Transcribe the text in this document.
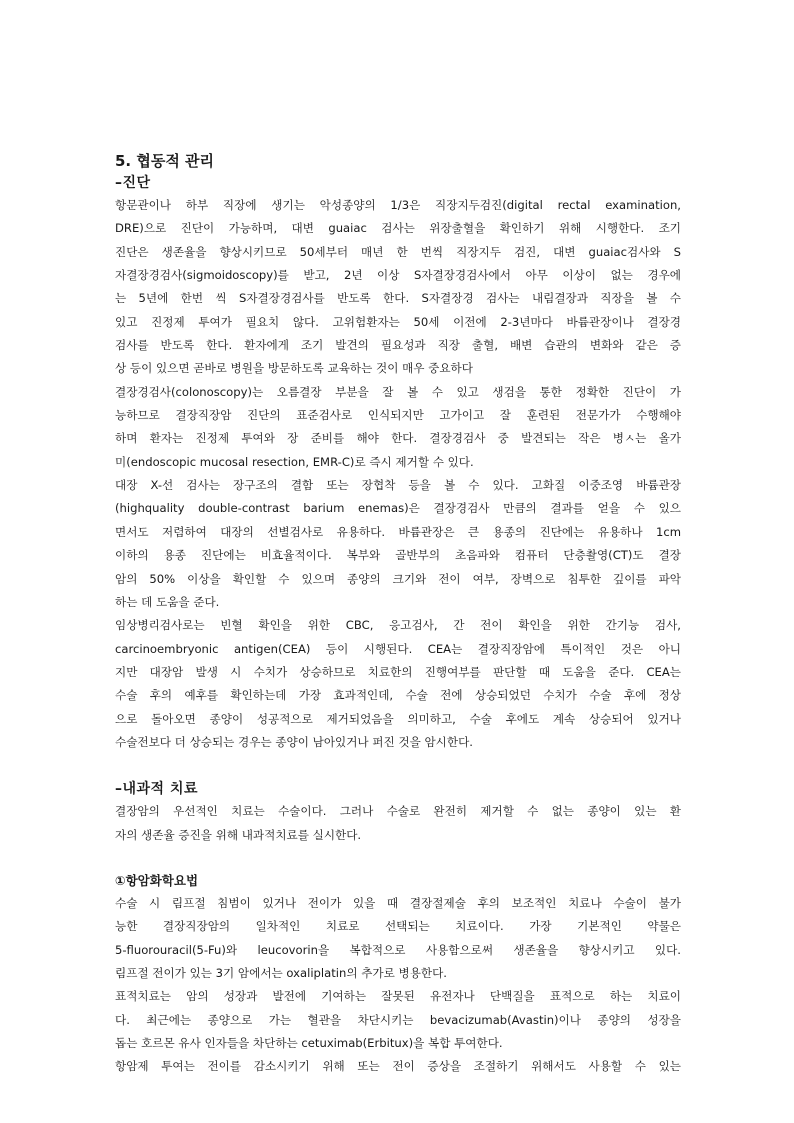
5. 협동적 관리
–진단
항문관이나 하부 직장에 생기는 악성종양의 1/3은 직장지두검진(digital rectal examination,
DRE)으로 진단이 가능하며, 대변 guaiac 검사는 위장출혈을 확인하기 위해 시행한다. 조기
진단은 생존율을 향상시키므로 50세부터 매년 한 번씩 직장지두 검진, 대변 guaiac검사와 S
자결장경검사(sigmoidoscopy)를 받고, 2년 이상 S자결장경검사에서 아무 이상이 없는 경우에
는 5년에 한번 씩 S자결장경검사를 반도록 한다. S자결장경 검사는 내림결장과 직장을 볼 수
있고 진정제 투여가 필요치 않다. 고위험환자는 50세 이전에 2-3년마다 바륨관장이나 결장경
검사를 반도록 한다. 환자에게 조기 발견의 필요성과 직장 출혈, 배변 습관의 변화와 같은 증
상 등이 있으면 곧바로 병원을 방문하도록 교육하는 것이 매우 중요하다
결장경검사(colonoscopy)는 오름결장 부분을 잘 볼 수 있고 생검을 통한 정확한 진단이 가
능하므로 결장직장암 진단의 표준검사로 인식되지만 고가이고 잘 훈련된 전문가가 수행해야
하며 환자는 진정제 투여와 장 준비를 해야 한다. 결장경검사 중 발견되는 작은 병ㅅ는 올가
미(endoscopic mucosal resection, EMR-C)로 즉시 제거할 수 있다.
대장 X-선 검사는 장구조의 결함 또는 장협착 등을 볼 수 있다. 고화질 이중조영 바륨관장
(highquality double-contrast barium enemas)은 결장경검사 만큼의 결과를 얻을 수 있으
면서도 저렴하여 대장의 선별검사로 유용하다. 바륨관장은 큰 용종의 진단에는 유용하나 1cm
이하의 용종 진단에는 비효율적이다. 복부와 골반부의 초음파와 컴퓨터 단층촬영(CT)도 결장
암의 50% 이상을 확인할 수 있으며 종양의 크기와 전이 여부, 장벽으로 침투한 깊이를 파악
하는 데 도움을 준다.
임상병리검사로는 빈혈 확인을 위한 CBC, 응고검사, 간 전이 확인을 위한 간기능 검사,
carcinoembryonic antigen(CEA) 등이 시행된다. CEA는 결장직장암에 특이적인 것은 아니
지만 대장암 발생 시 수치가 상승하므로 치료한의 진행여부를 판단할 때 도움을 준다. CEA는
수술 후의 예후를 확인하는데 가장 효과적인데, 수술 전에 상승되었던 수치가 수술 후에 정상
으로 돌아오면 종양이 성공적으로 제거되었음을 의미하고, 수술 후에도 계속 상승되어 있거나
수술전보다 더 상승되는 경우는 종양이 남아있거나 퍼진 것을 암시한다.
–내과적 치료
결장암의 우선적인 치료는 수술이다. 그러나 수술로 완전히 제거할 수 없는 종양이 있는 환
자의 생존율 증진을 위해 내과적치료를 실시한다.
①항암화학요법
수술 시 림프절 침범이 있거나 전이가 있을 때 결장절제술 후의 보조적인 치료나 수술이 불가
능한 결장직장암의 일차적인 치료로 선택되는 치료이다. 가장 기본적인 약물은
5-fluorouracil(5-Fu)와 leucovorin을 복합적으로 사용함으로써 생존율을 향상시키고 있다.
림프절 전이가 있는 3기 암에서는 oxaliplatin의 추가로 병용한다.
표적치료는 암의 성장과 발전에 기여하는 잘못된 유전자나 단백질을 표적으로 하는 치료이
다. 최근에는 종양으로 가는 혈관을 차단시키는 bevacizumab(Avastin)이나 종양의 성장을
돕는 호르몬 유사 인자들을 차단하는 cetuximab(Erbitux)을 복합 투여한다.
항암제 투여는 전이를 감소시키기 위해 또는 전이 증상을 조절하기 위해서도 사용할 수 있는
